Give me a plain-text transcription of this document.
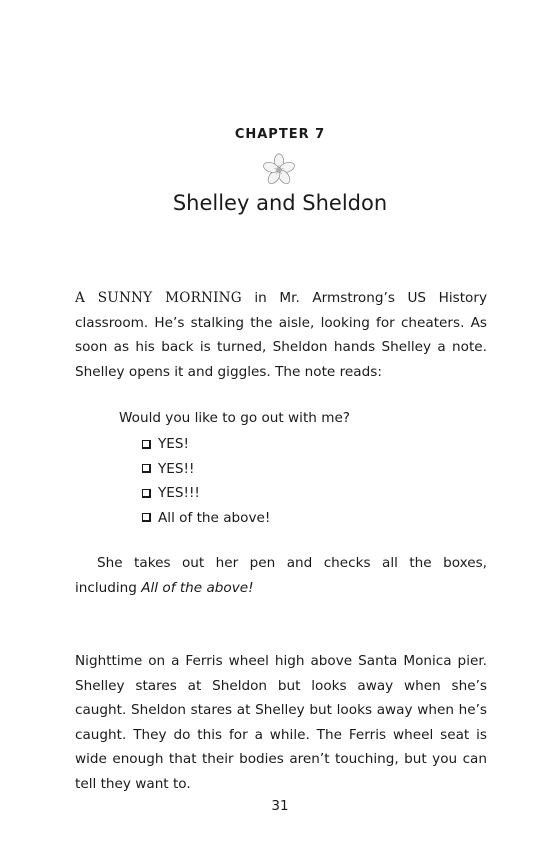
CHAPTER 7
Shelley and Sheldon

A SUNNY MORNING in Mr. Armstrong’s US History classroom. He’s stalking the aisle, looking for cheaters. As soon as his back is turned, Sheldon hands Shelley a note. Shelley opens it and giggles. The note reads:

Would you like to go out with me?
YES!
YES!!
YES!!!
All of the above!

She takes out her pen and checks all the boxes, including All of the above!

Nighttime on a Ferris wheel high above Santa Monica pier. Shelley stares at Sheldon but looks away when she’s caught. Sheldon stares at Shelley but looks away when he’s caught. They do this for a while. The Ferris wheel seat is wide enough that their bodies aren’t touching, but you can tell they want to.

31
